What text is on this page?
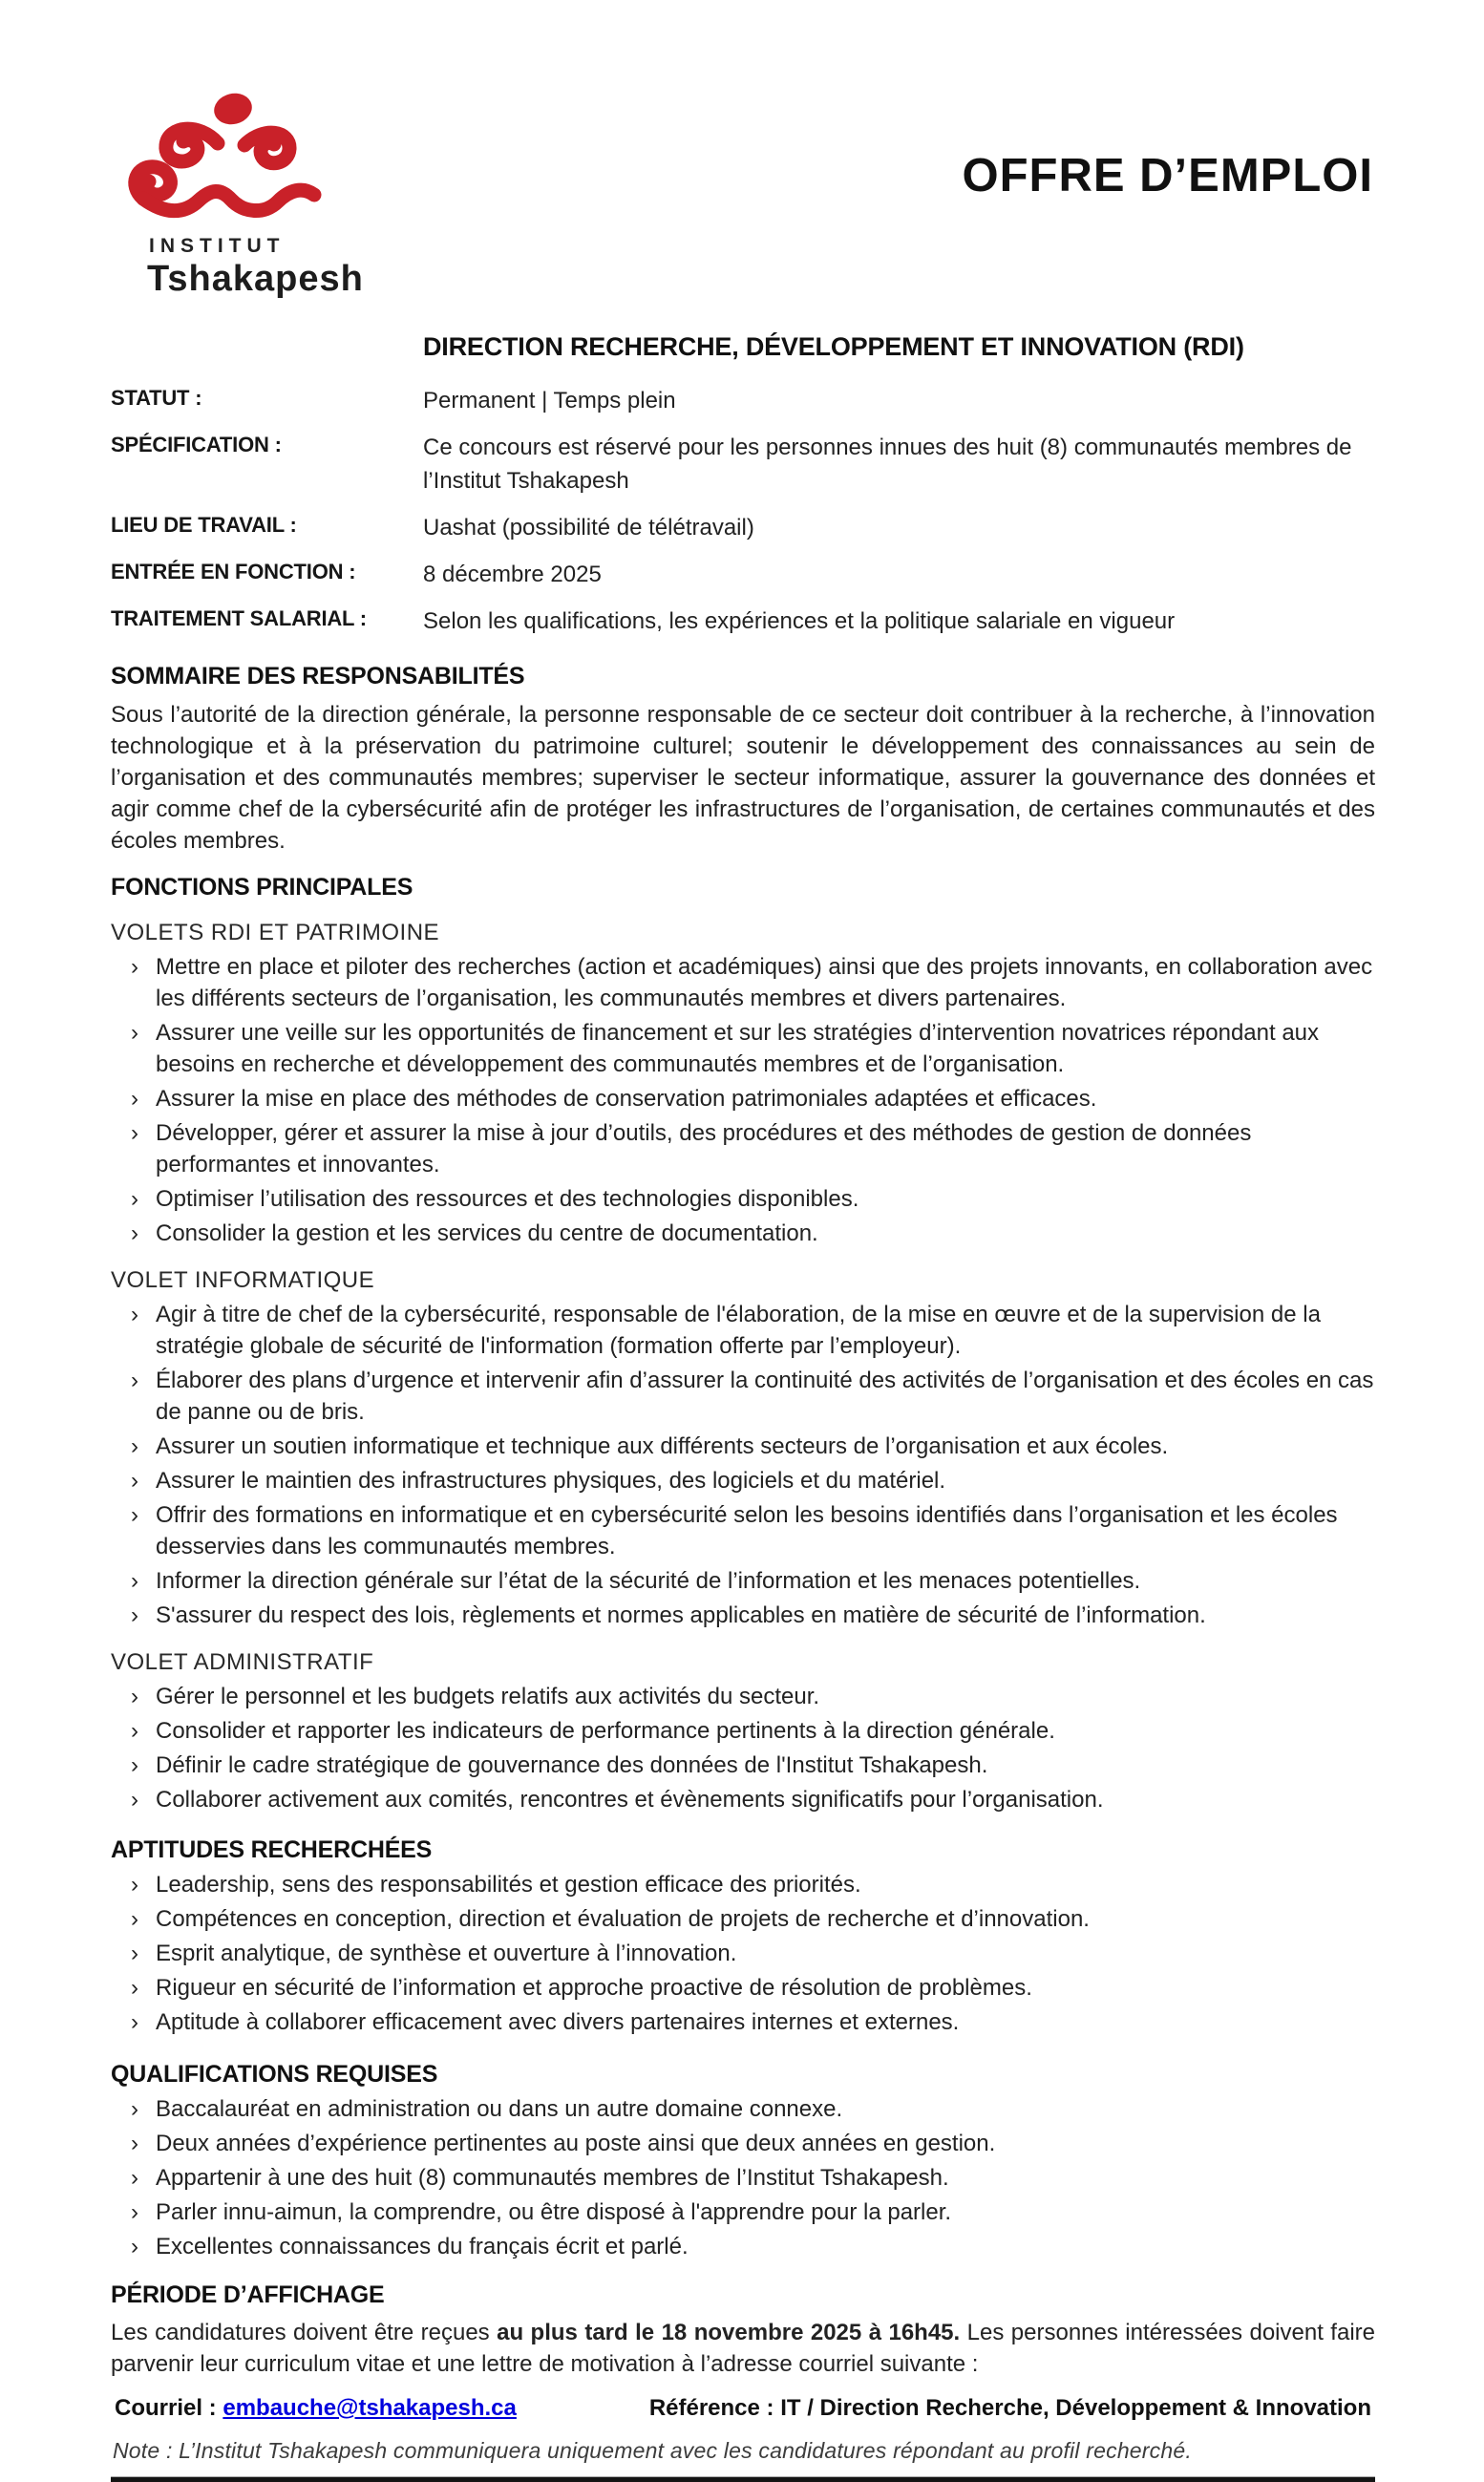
INSTITUT
Tshakapesh
OFFRE D’EMPLOI
DIRECTION RECHERCHE, DÉVELOPPEMENT ET INNOVATION (RDI)
STATUT :	Permanent | Temps plein
SPÉCIFICATION :	Ce concours est réservé pour les personnes innues des huit (8) communautés membres de l’Institut Tshakapesh
LIEU DE TRAVAIL :	Uashat (possibilité de télétravail)
ENTRÉE EN FONCTION :	8 décembre 2025
TRAITEMENT SALARIAL :	Selon les qualifications, les expériences et la politique salariale en vigueur
SOMMAIRE DES RESPONSABILITÉS

Sous l’autorité de la direction générale, la personne responsable de ce secteur doit contribuer à la recherche, à l’innovation technologique et à la préservation du patrimoine culturel; soutenir le développement des connaissances au sein de l’organisation et des communautés membres; superviser le secteur informatique, assurer la gouvernance des données et agir comme chef de la cybersécurité afin de protéger les infrastructures de l’organisation, de certaines communautés et des écoles membres.

FONCTIONS PRINCIPALES
VOLETS RDI ET PATRIMOINE
› Mettre en place et piloter des recherches (action et académiques) ainsi que des projets innovants, en collaboration avec les différents secteurs de l’organisation, les communautés membres et divers partenaires.
› Assurer une veille sur les opportunités de financement et sur les stratégies d’intervention novatrices répondant aux besoins en recherche et développement des communautés membres et de l’organisation.
› Assurer la mise en place des méthodes de conservation patrimoniales adaptées et efficaces.
› Développer, gérer et assurer la mise à jour d’outils, des procédures et des méthodes de gestion de données performantes et innovantes.
› Optimiser l’utilisation des ressources et des technologies disponibles.
› Consolider la gestion et les services du centre de documentation.
VOLET INFORMATIQUE
› Agir à titre de chef de la cybersécurité, responsable de l'élaboration, de la mise en œuvre et de la supervision de la stratégie globale de sécurité de l'information (formation offerte par l’employeur).
› Élaborer des plans d’urgence et intervenir afin d’assurer la continuité des activités de l’organisation et des écoles en cas de panne ou de bris.
› Assurer un soutien informatique et technique aux différents secteurs de l’organisation et aux écoles.
› Assurer le maintien des infrastructures physiques, des logiciels et du matériel.
› Offrir des formations en informatique et en cybersécurité selon les besoins identifiés dans l’organisation et les écoles desservies dans les communautés membres.
› Informer la direction générale sur l’état de la sécurité de l’information et les menaces potentielles.
› S'assurer du respect des lois, règlements et normes applicables en matière de sécurité de l’information.
VOLET ADMINISTRATIF
› Gérer le personnel et les budgets relatifs aux activités du secteur.
› Consolider et rapporter les indicateurs de performance pertinents à la direction générale.
› Définir le cadre stratégique de gouvernance des données de l'Institut Tshakapesh.
› Collaborer activement aux comités, rencontres et évènements significatifs pour l’organisation.
APTITUDES RECHERCHÉES
› Leadership, sens des responsabilités et gestion efficace des priorités.
› Compétences en conception, direction et évaluation de projets de recherche et d’innovation.
› Esprit analytique, de synthèse et ouverture à l’innovation.
› Rigueur en sécurité de l’information et approche proactive de résolution de problèmes.
› Aptitude à collaborer efficacement avec divers partenaires internes et externes.
QUALIFICATIONS REQUISES
› Baccalauréat en administration ou dans un autre domaine connexe.
› Deux années d’expérience pertinentes au poste ainsi que deux années en gestion.
› Appartenir à une des huit (8) communautés membres de l’Institut Tshakapesh.
› Parler innu-aimun, la comprendre, ou être disposé à l'apprendre pour la parler.
› Excellentes connaissances du français écrit et parlé.
PÉRIODE D’AFFICHAGE

Les candidatures doivent être reçues au plus tard le 18 novembre 2025 à 16h45. Les personnes intéressées doivent faire parvenir leur curriculum vitae et une lettre de motivation à l’adresse courriel suivante :

Courriel : embauche@tshakapesh.ca	Référence : IT / Direction Recherche, Développement & Innovation
Note : L’Institut Tshakapesh communiquera uniquement avec les candidatures répondant au profil recherché.
